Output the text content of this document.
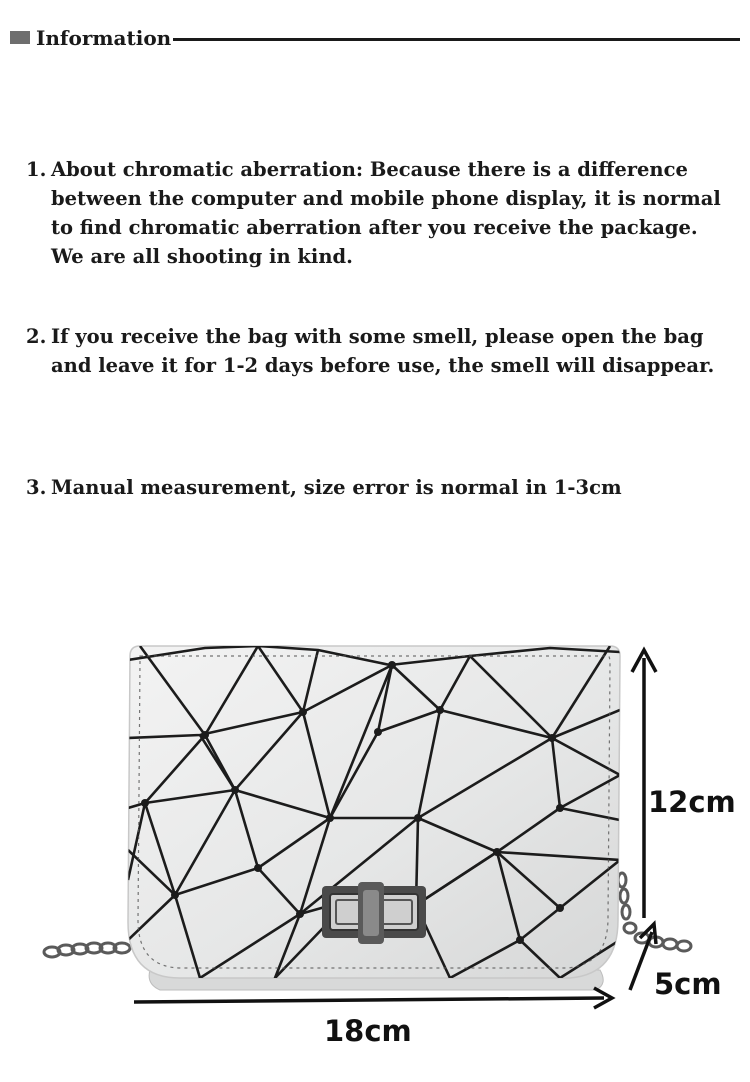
Information
1. About chromatic aberration: Because there is a difference between the computer and mobile phone display, it is normal to find chromatic aberration after you receive the package. We are all shooting in kind.
2. If you receive the bag with some smell, please open the bag and leave it for 1-2 days before use, the smell will disappear.
3. Manual measurement, size error is normal in 1-3cm
12cm
5cm
18cm
